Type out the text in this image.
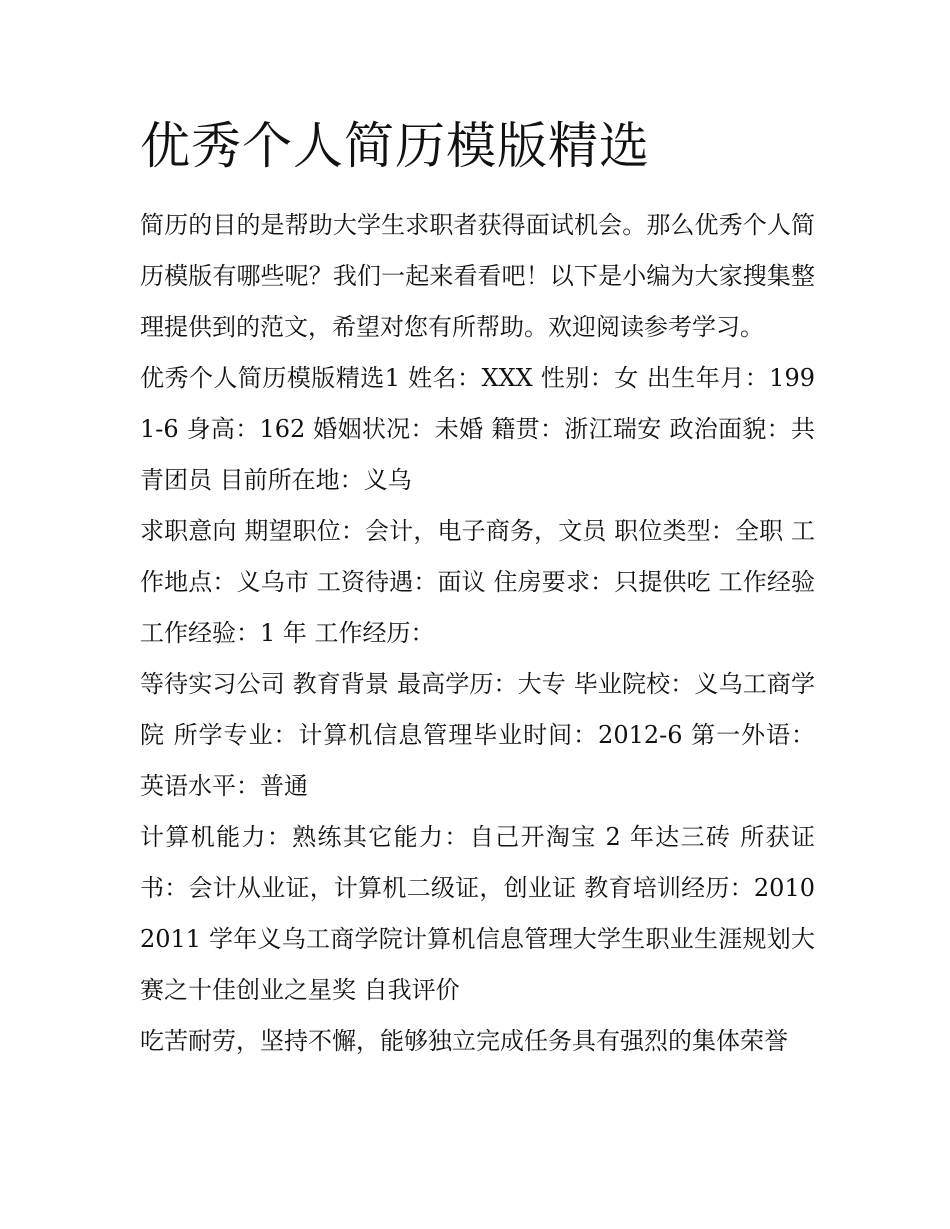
优秀个人简历模版精选

简历的目的是帮助大学生求职者获得面试机会。那么优秀个人简历模版有哪些呢？我们一起来看看吧！以下是小编为大家搜集整理提供到的范文，希望对您有所帮助。欢迎阅读参考学习。

优秀个人简历模版精选1 姓名：XXX 性别：女 出生年月：1991-6 身高：162 婚姻状况：未婚 籍贯：浙江瑞安 政治面貌：共青团员 目前所在地：义乌

求职意向 期望职位：会计，电子商务，文员 职位类型：全职 工作地点：义乌市 工资待遇：面议 住房要求：只提供吃 工作经验 工作经验：1 年 工作经历：

等待实习公司 教育背景 最高学历：大专 毕业院校：义乌工商学院 所学专业：计算机信息管理毕业时间：2012-6 第一外语：英语水平：普通

计算机能力：熟练其它能力：自己开淘宝 2 年达三砖 所获证书：会计从业证，计算机二级证，创业证 教育培训经历：20102011 学年义乌工商学院计算机信息管理大学生职业生涯规划大赛之十佳创业之星奖 自我评价

吃苦耐劳，坚持不懈，能够独立完成任务具有强烈的集体荣誉
